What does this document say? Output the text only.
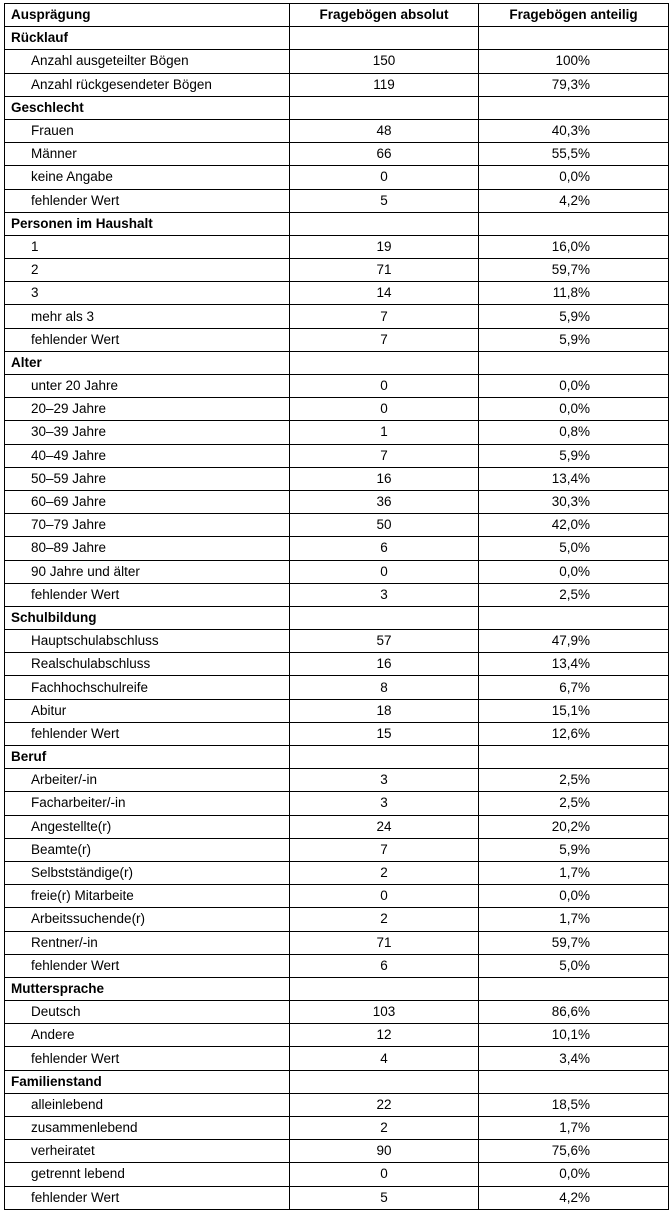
Ausprägung	Fragebögen absolut	Fragebögen anteilig
Rücklauf		
Anzahl ausgeteilter Bögen	150	100%
Anzahl rückgesendeter Bögen	119	79,3%
Geschlecht		
Frauen	48	40,3%
Männer	66	55,5%
keine Angabe	0	0,0%
fehlender Wert	5	4,2%
Personen im Haushalt		
1	19	16,0%
2	71	59,7%
3	14	11,8%
mehr als 3	7	5,9%
fehlender Wert	7	5,9%
Alter		
unter 20 Jahre	0	0,0%
20–29 Jahre	0	0,0%
30–39 Jahre	1	0,8%
40–49 Jahre	7	5,9%
50–59 Jahre	16	13,4%
60–69 Jahre	36	30,3%
70–79 Jahre	50	42,0%
80–89 Jahre	6	5,0%
90 Jahre und älter	0	0,0%
fehlender Wert	3	2,5%
Schulbildung		
Hauptschulabschluss	57	47,9%
Realschulabschluss	16	13,4%
Fachhochschulreife	8	6,7%
Abitur	18	15,1%
fehlender Wert	15	12,6%
Beruf		
Arbeiter/-in	3	2,5%
Facharbeiter/-in	3	2,5%
Angestellte(r)	24	20,2%
Beamte(r)	7	5,9%
Selbstständige(r)	2	1,7%
freie(r) Mitarbeite	0	0,0%
Arbeitssuchende(r)	2	1,7%
Rentner/-in	71	59,7%
fehlender Wert	6	5,0%
Muttersprache		
Deutsch	103	86,6%
Andere	12	10,1%
fehlender Wert	4	3,4%
Familienstand		
alleinlebend	22	18,5%
zusammenlebend	2	1,7%
verheiratet	90	75,6%
getrennt lebend	0	0,0%
fehlender Wert	5	4,2%
